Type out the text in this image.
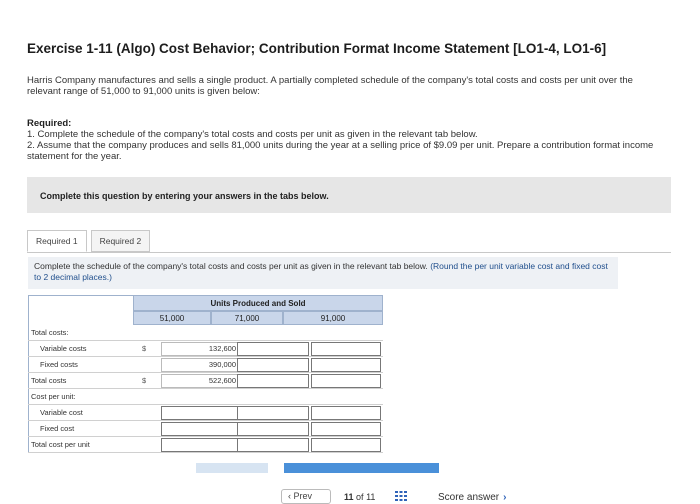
Exercise 1-11 (Algo) Cost Behavior; Contribution Format Income Statement [LO1-4, LO1-6]
Harris Company manufactures and sells a single product. A partially completed schedule of the company's total costs and costs per unit over the relevant range of 51,000 to 91,000 units is given below:
Required:
1. Complete the schedule of the company's total costs and costs per unit as given in the relevant tab below.
2. Assume that the company produces and sells 81,000 units during the year at a selling price of $9.09 per unit. Prepare a contribution format income statement for the year.
Complete this question by entering your answers in the tabs below.
Required 1	Required 2
Complete the schedule of the company's total costs and costs per unit as given in the relevant tab below. (Round the per unit variable cost and fixed cost to 2 decimal places.)
Units Produced and Sold
51,000	71,000	91,000
Total costs:
Variable costs	$	132,600
Fixed costs	390,000
Total costs	$	522,600
Cost per unit:
Variable cost
Fixed cost
Total cost per unit
‹ Prev	11 of 11	Score answer ›
